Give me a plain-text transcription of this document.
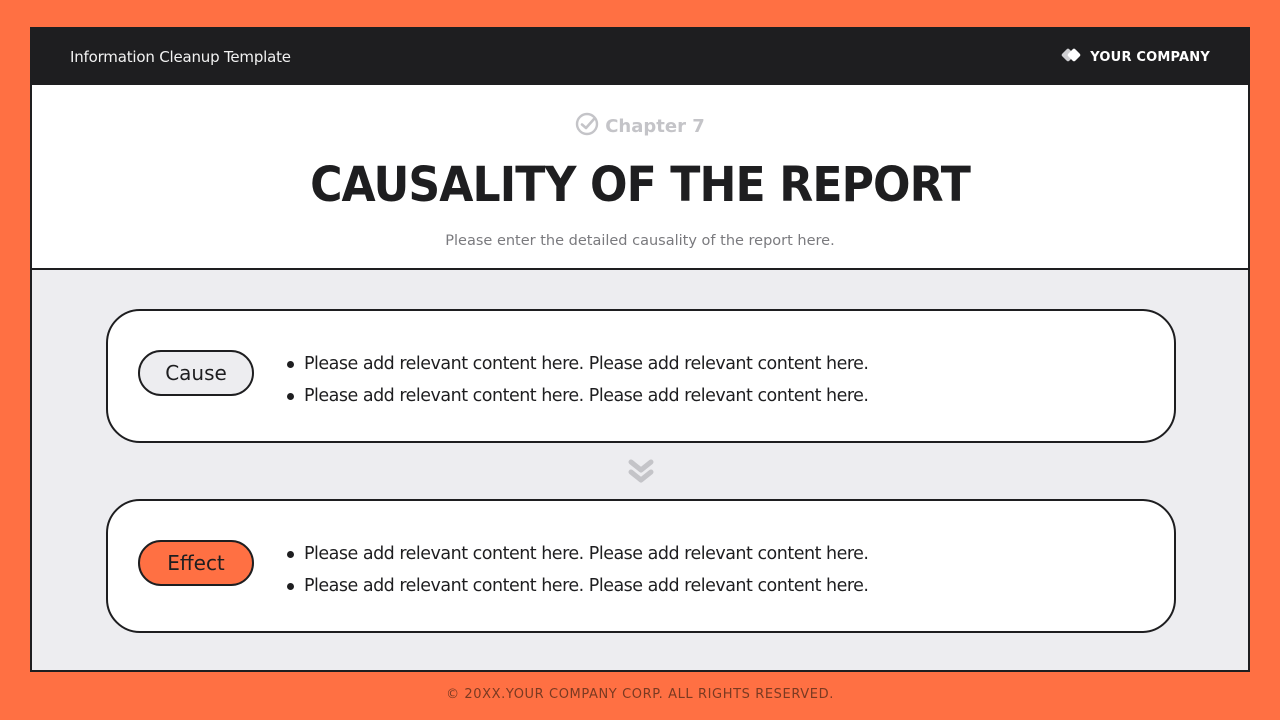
Information Cleanup Template	YOUR COMPANY
Chapter 7
CAUSALITY OF THE REPORT
Please enter the detailed causality of the report here.
Cause	Please add relevant content here. Please add relevant content here.
Please add relevant content here. Please add relevant content here.
Effect	Please add relevant content here. Please add relevant content here.
Please add relevant content here. Please add relevant content here.
© 20XX.YOUR COMPANY CORP. ALL RIGHTS RESERVED.
